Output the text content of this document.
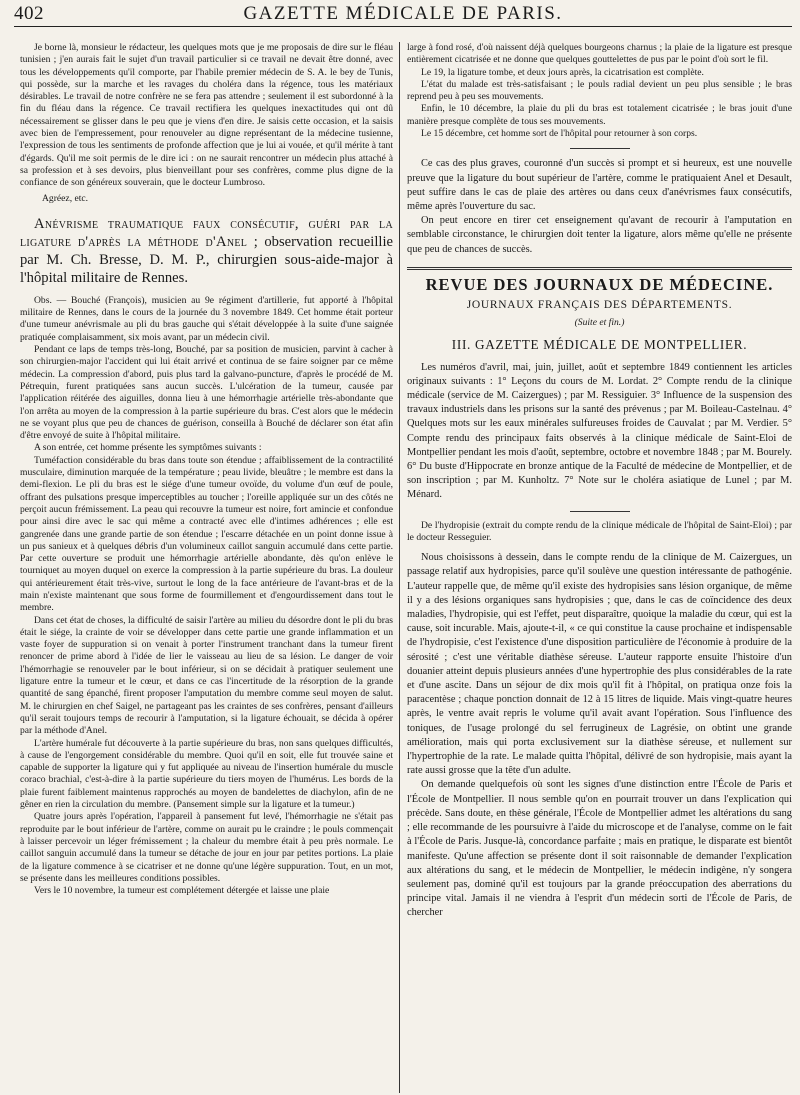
402	GAZETTE MÉDICALE DE PARIS.

Je borne là, monsieur le rédacteur, les quelques mots que je me proposais de dire sur le fléau tunisien ; j'en aurais fait le sujet d'un travail particulier si ce travail ne devait être donné, avec tous les développements qu'il comporte, par l'habile premier médecin de S. A. le bey de Tunis, qui possède, sur la marche et les ravages du choléra dans la régence, tous les matériaux désirables. Le travail de notre confrère ne se fera pas attendre ; seulement il est subordonné à la fin du fléau dans la régence. Ce travail rectifiera les quelques inexactitudes qui ont dû nécessairement se glisser dans le peu que je viens d'en dire. Je saisis cette occasion, et la saisis avec bien de l'empressement, pour renouveler au digne représentant de la médecine tusienne, l'expression de tous les sentiments de profonde affection que je lui ai vouée, et qu'il mérite à tant d'égards. Qu'il me soit permis de le dire ici : on ne saurait rencontrer un médecin plus attaché à sa profession et à ses devoirs, plus bienveillant pour ses confrères, comme plus digne de la confiance de son généreux souverain, que le docteur Lumbroso.

Agréez, etc.

Anévrisme traumatique faux consécutif, guéri par la ligature d'après la méthode d'Anel ; observation recueillie par M. Ch. Bresse, D. M. P., chirurgien sous-aide-major à l'hôpital militaire de Rennes.

Obs. — Bouché (François), musicien au 9e régiment d'artillerie, fut apporté à l'hôpital militaire de Rennes, dans le cours de la journée du 3 novembre 1849. Cet homme était porteur d'une tumeur anévrismale au pli du bras gauche qui s'était développée à la suite d'une saignée pratiquée complaisamment, six mois avant, par un médecin civil.

Pendant ce laps de temps très-long, Bouché, par sa position de musicien, parvint à cacher à son chirurgien-major l'accident qui lui était arrivé et continua de se faire soigner par ce même médecin. La compression d'abord, puis plus tard la galvano-puncture, d'après le procédé de M. Pétrequin, furent pratiquées sans aucun succès. L'ulcération de la tumeur, causée par l'application réitérée des aiguilles, donna lieu à une hémorrhagie artérielle très-abondante que l'on arrêta au moyen de la compression à la partie supérieure du bras. C'est alors que le médecin ne se voyant plus que peu de chances de guérison, conseilla à Bouché de déclarer son état afin d'être envoyé de suite à l'hôpital militaire.

A son entrée, cet homme présente les symptômes suivants :

Tuméfaction considérable du bras dans toute son étendue ; affaiblissement de la contractilité musculaire, diminution marquée de la température ; peau livide, bleuâtre ; le membre est dans la demi-flexion. Le pli du bras est le siége d'une tumeur ovoïde, du volume d'un œuf de poule, offrant des pulsations presque imperceptibles au toucher ; l'oreille appliquée sur un des côtés ne perçoit aucun frémissement. La peau qui recouvre la tumeur est noire, fort amincie et confondue pour ainsi dire avec le sac qui même a contracté avec elle d'intimes adhérences ; elle est gangrenée dans une grande partie de son étendue ; l'escarre détachée en un point donne issue à un pus sanieux et à quelques débris d'un volumineux caillot sanguin accumulé dans cette partie. Par cette ouverture se produit une hémorrhagie artérielle abondante, dès qu'on enlève le tourniquet au moyen duquel on exerce la compression à la partie supérieure du bras. La douleur qui antérieurement était très-vive, surtout le long de la face antérieure de l'avant-bras et de la main n'existe maintenant que sous forme de fourmillement et d'engourdissement dans tout le membre.

Dans cet état de choses, la difficulté de saisir l'artère au milieu du désordre dont le pli du bras était le siége, la crainte de voir se développer dans cette partie une grande inflammation et un vaste foyer de suppuration si on venait à porter l'instrument tranchant dans la tumeur firent renoncer de prime abord à l'idée de lier le vaisseau au lieu de sa lésion. Le danger de voir l'hémorrhagie se renouveler par le bout inférieur, si on se décidait à pratiquer seulement une ligature entre la tumeur et le cœur, et dans ce cas l'incertitude de la résorption de la grande quantité de sang épanché, firent proposer l'amputation du membre comme seul moyen de salut. M. le chirurgien en chef Saigel, ne partageant pas les craintes de ses confrères, pensant d'ailleurs qu'il serait toujours temps de recourir à l'amputation, si la ligature échouait, se décida à opérer par la méthode d'Anel.

L'artère humérale fut découverte à la partie supérieure du bras, non sans quelques difficultés, à cause de l'engorgement considérable du membre. Quoi qu'il en soit, elle fut trouvée saine et capable de supporter la ligature qui y fut appliquée au niveau de l'insertion humérale du muscle coraco brachial, c'est-à-dire à la partie supérieure du tiers moyen de l'humérus. Les bords de la plaie furent faiblement maintenus rapprochés au moyen de bandelettes de diachylon, afin de ne gêner en rien la circulation du membre. (Pansement simple sur la ligature et la tumeur.)

Quatre jours après l'opération, l'appareil à pansement fut levé, l'hémorrhagie ne s'était pas reproduite par le bout inférieur de l'artère, comme on aurait pu le craindre ; le pouls commençait à laisser percevoir un léger frémissement ; la chaleur du membre était à peu près normale. Le caillot sanguin accumulé dans la tumeur se détache de jour en jour par petites portions. La plaie de la ligature commence à se cicatriser et ne donne qu'une légère suppuration. Tout, en un mot, se présente dans les meilleures conditions possibles.

Vers le 10 novembre, la tumeur est complétement détergée et laisse une plaie

large à fond rosé, d'où naissent déjà quelques bourgeons charnus ; la plaie de la ligature est presque entièrement cicatrisée et ne donne que quelques gouttelettes de pus par le point d'où sort le fil.

Le 19, la ligature tombe, et deux jours après, la cicatrisation est complète.

L'état du malade est très-satisfaisant ; le pouls radial devient un peu plus sensible ; le bras reprend peu à peu ses mouvements.

Enfin, le 10 décembre, la plaie du pli du bras est totalement cicatrisée ; le bras jouit d'une manière presque complète de tous ses mouvements.

Le 15 décembre, cet homme sort de l'hôpital pour retourner à son corps.

Ce cas des plus graves, couronné d'un succès si prompt et si heureux, est une nouvelle preuve que la ligature du bout supérieur de l'artère, comme le pratiquaient Anel et Desault, peut suffire dans le cas de plaie des artères ou dans ceux d'anévrismes faux consécutifs, même après l'ouverture du sac.

On peut encore en tirer cet enseignement qu'avant de recourir à l'amputation en semblable circonstance, le chirurgien doit tenter la ligature, alors même qu'elle ne présente que peu de chances de succès.

REVUE DES JOURNAUX DE MÉDECINE.
JOURNAUX FRANÇAIS DES DÉPARTEMENTS.
(Suite et fin.)
III. GAZETTE MÉDICALE DE MONTPELLIER.

Les numéros d'avril, mai, juin, juillet, août et septembre 1849 contiennent les articles originaux suivants : 1° Leçons du cours de M. Lordat. 2° Compte rendu de la clinique médicale (service de M. Caizergues) ; par M. Ressiguier. 3° Influence de la suspension des travaux industriels dans les prisons sur la santé des prévenus ; par M. Boileau-Castelnau. 4° Quelques mots sur les eaux minérales sulfureuses froides de Cauvalat ; par M. Verdier. 5° Compte rendu des principaux faits observés à la clinique médicale de Saint-Eloi de Montpellier pendant les mois d'août, septembre, octobre et novembre 1848 ; par M. Bourely. 6° Du buste d'Hippocrate en bronze antique de la Faculté de médecine de Montpellier, et de son inscription ; par M. Kunholtz. 7° Note sur le choléra asiatique de Lunel ; par M. Ménard.

De l'hydropisie (extrait du compte rendu de la clinique médicale de l'hôpital de Saint-Eloi) ; par le docteur Resseguier.

Nous choisissons à dessein, dans le compte rendu de la clinique de M. Caizergues, un passage relatif aux hydropisies, parce qu'il soulève une question intéressante de pathogénie. L'auteur rappelle que, de même qu'il existe des hydropisies sans lésion organique, de même il y a des lésions organiques sans hydropisies ; que, dans le cas de coïncidence des deux maladies, l'hydropisie, qui est l'effet, peut disparaître, quoique la maladie du cœur, qui est la cause, soit incurable. Mais, ajoute-t-il, « ce qui constitue la cause prochaine et indispensable de l'hydropisie, c'est l'existence d'une disposition particulière de l'économie à produire de la sérosité ; c'est une véritable diathèse séreuse. L'auteur rapporte ensuite l'histoire d'un douanier atteint depuis plusieurs années d'une hypertrophie des plus considérables de la rate et d'une ascite. Dans un séjour de dix mois qu'il fit à l'hôpital, on pratiqua onze fois la paracentèse ; chaque ponction donnait de 12 à 15 litres de liquide. Mais vingt-quatre heures après, le ventre avait repris le volume qu'il avait avant l'opération. Sous l'influence des toniques, de l'usage prolongé du sel ferrugineux de Lagrésie, on obtint une grande amélioration, mais qui porta exclusivement sur la diathèse séreuse, et nullement sur l'hypertrophie de la rate. Le malade quitta l'hôpital, délivré de son hydropisie, mais ayant la rate aussi grosse que la tête d'un adulte.

On demande quelquefois où sont les signes d'une distinction entre l'École de Paris et l'École de Montpellier. Il nous semble qu'on en pourrait trouver un dans l'explication qui précède. Sans doute, en thèse générale, l'École de Montpellier admet les altérations du sang ; elle recommande de les poursuivre à l'aide du microscope et de l'analyse, comme on le fait à l'École de Paris. Jusque-là, concordance parfaite ; mais en pratique, le disparate est bientôt manifeste. Qu'une affection se présente dont il soit raisonnable de demander l'explication aux altérations du sang, et le médecin de Montpellier, le médecin indigène, n'y songera seulement pas, dominé qu'il est toujours par la grande préoccupation des aberrations du principe vital. Jamais il ne viendra à l'esprit d'un médecin sorti de l'École de Paris, de chercher
